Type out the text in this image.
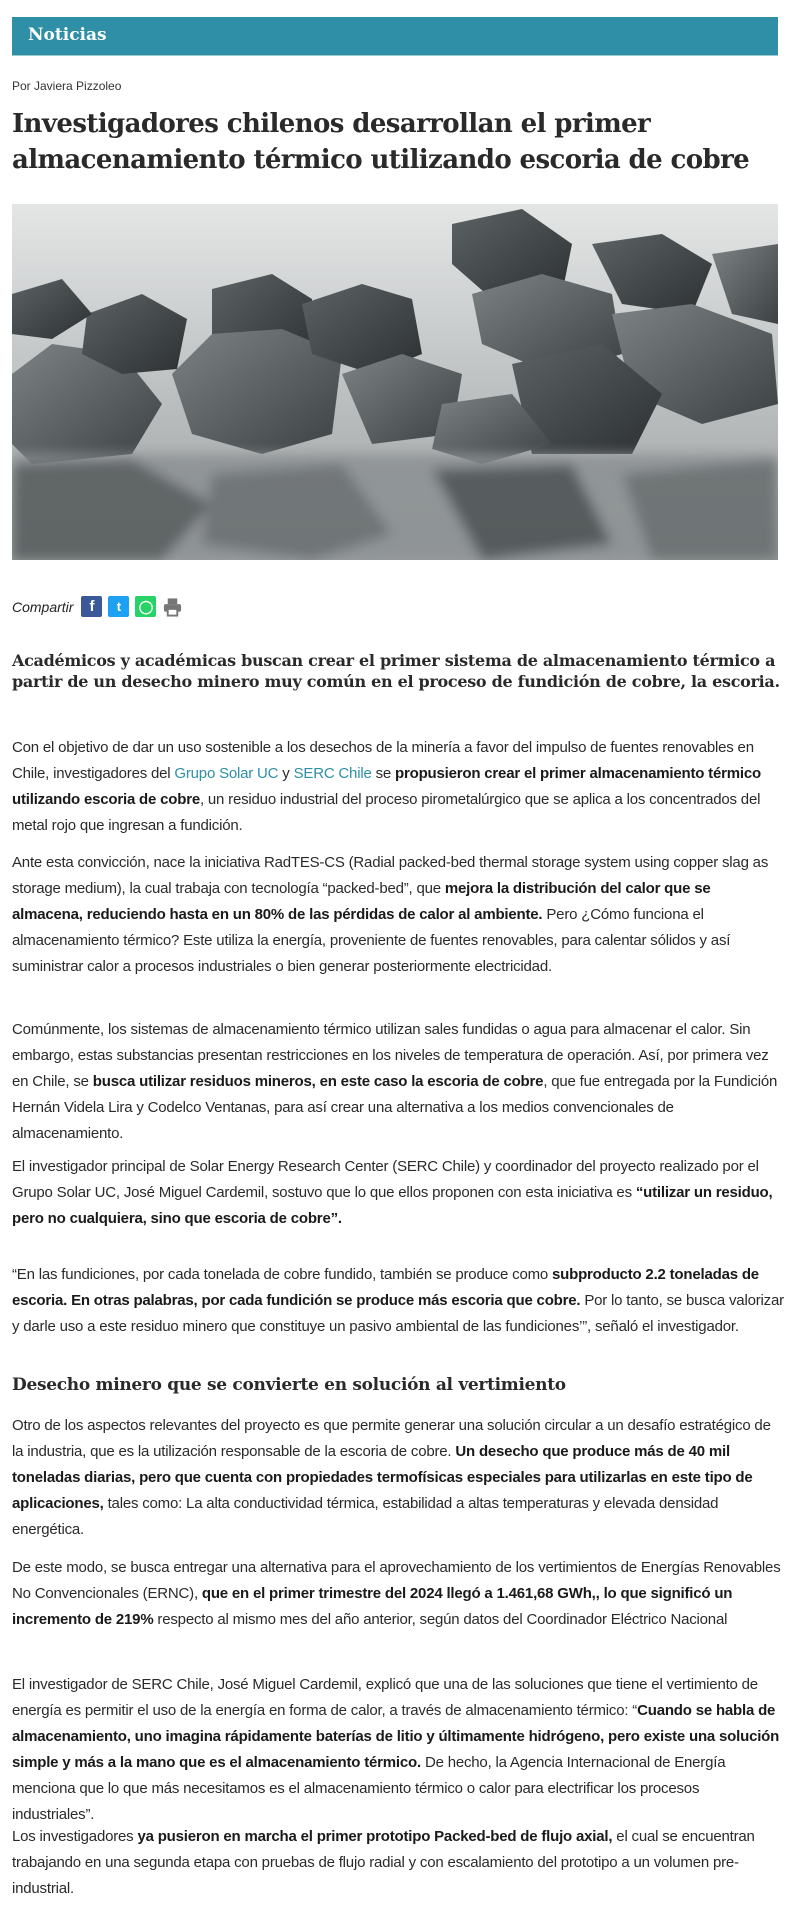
Noticias
Por Javiera Pizzoleo
Investigadores chilenos desarrollan el primer almacenamiento térmico utilizando escoria de cobre
Compartir	f	t	◯

Académicos y académicas buscan crear el primer sistema de almacenamiento térmico a partir de un desecho minero muy común en el proceso de fundición de cobre, la escoria.

Con el objetivo de dar un uso sostenible a los desechos de la minería a favor del impulso de fuentes renovables en Chile, investigadores del Grupo Solar UC y SERC Chile se propusieron crear el primer almacenamiento térmico utilizando escoria de cobre, un residuo industrial del proceso pirometalúrgico que se aplica a los concentrados del metal rojo que ingresan a fundición.

Ante esta convicción, nace la iniciativa RadTES-CS (Radial packed-bed thermal storage system using copper slag as storage medium), la cual trabaja con tecnología “packed-bed”, que mejora la distribución del calor que se almacena, reduciendo hasta en un 80% de las pérdidas de calor al ambiente. Pero ¿Cómo funciona el almacenamiento térmico? Este utiliza la energía, proveniente de fuentes renovables, para calentar sólidos y así suministrar calor a procesos industriales o bien generar posteriormente electricidad.

Comúnmente, los sistemas de almacenamiento térmico utilizan sales fundidas o agua para almacenar el calor. Sin embargo, estas substancias presentan restricciones en los niveles de temperatura de operación. Así, por primera vez en Chile, se busca utilizar residuos mineros, en este caso la escoria de cobre, que fue entregada por la Fundición Hernán Videla Lira y Codelco Ventanas, para así crear una alternativa a los medios convencionales de almacenamiento.

El investigador principal de Solar Energy Research Center (SERC Chile) y coordinador del proyecto realizado por el Grupo Solar UC, José Miguel Cardemil, sostuvo que lo que ellos proponen con esta iniciativa es “utilizar un residuo, pero no cualquiera, sino que escoria de cobre”.

“En las fundiciones, por cada tonelada de cobre fundido, también se produce como subproducto 2.2 toneladas de escoria. En otras palabras, por cada fundición se produce más escoria que cobre. Por lo tanto, se busca valorizar y darle uso a este residuo minero que constituye un pasivo ambiental de las fundiciones’”, señaló el investigador.

Desecho minero que se convierte en solución al vertimiento

Otro de los aspectos relevantes del proyecto es que permite generar una solución circular a un desafío estratégico de la industria, que es la utilización responsable de la escoria de cobre. Un desecho que produce más de 40 mil toneladas diarias, pero que cuenta con propiedades termofísicas especiales para utilizarlas en este tipo de aplicaciones, tales como: La alta conductividad térmica, estabilidad a altas temperaturas y elevada densidad energética.

De este modo, se busca entregar una alternativa para el aprovechamiento de los vertimientos de Energías Renovables No Convencionales (ERNC), que en el primer trimestre del 2024 llegó a 1.461,68 GWh,, lo que significó un incremento de 219% respecto al mismo mes del año anterior, según datos del Coordinador Eléctrico Nacional

El investigador de SERC Chile, José Miguel Cardemil, explicó que una de las soluciones que tiene el vertimiento de energía es permitir el uso de la energía en forma de calor, a través de almacenamiento térmico: “Cuando se habla de almacenamiento, uno imagina rápidamente baterías de litio y últimamente hidrógeno, pero existe una solución simple y más a la mano que es el almacenamiento térmico. De hecho, la Agencia Internacional de Energía menciona que lo que más necesitamos es el almacenamiento térmico o calor para electrificar los procesos industriales”.

Los investigadores ya pusieron en marcha el primer prototipo Packed-bed de flujo axial, el cual se encuentran trabajando en una segunda etapa con pruebas de flujo radial y con escalamiento del prototipo a un volumen pre-industrial.
